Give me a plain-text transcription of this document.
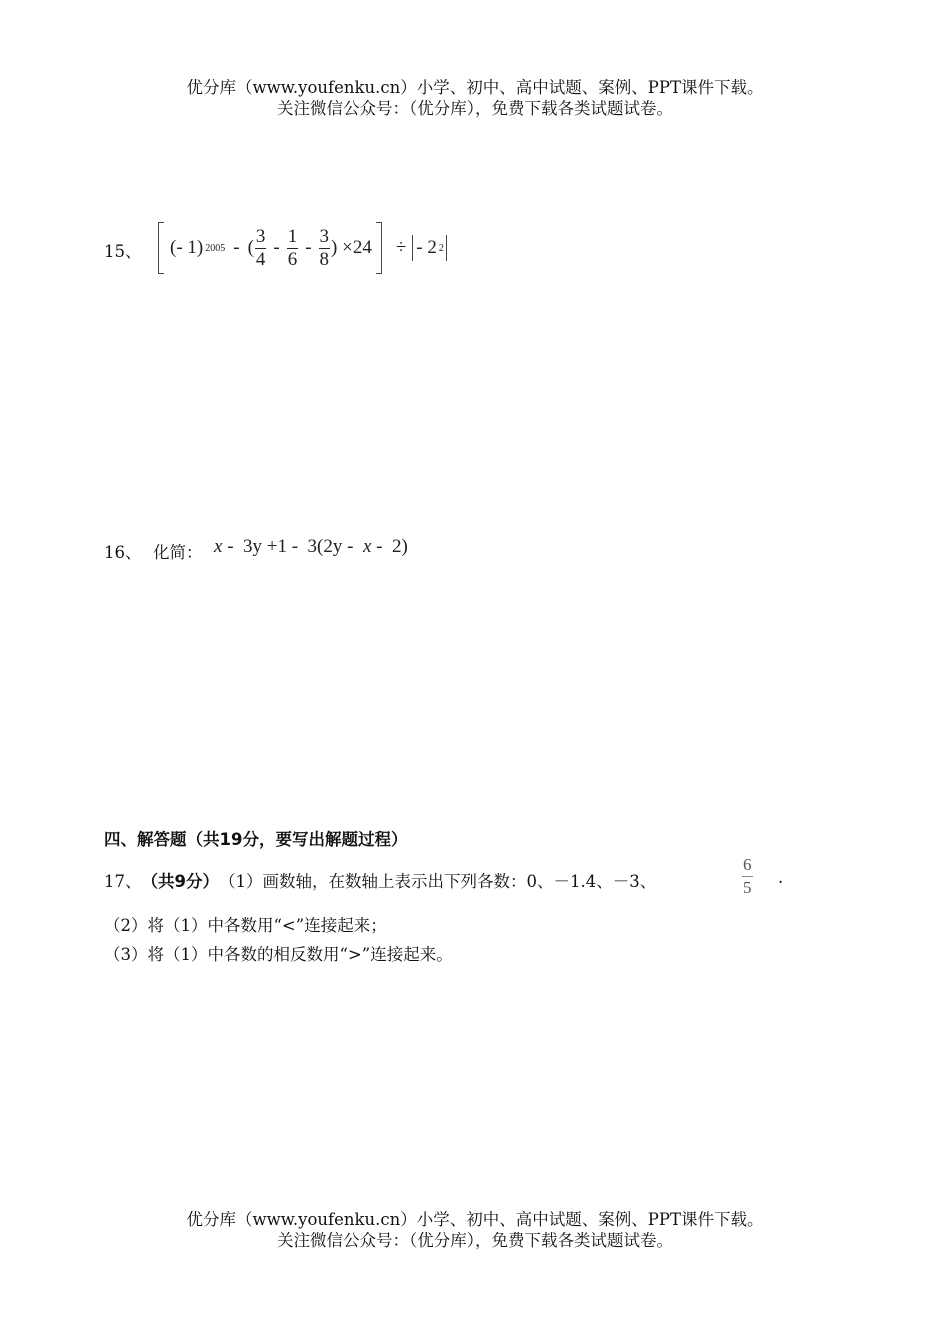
优分库（www.youfenku.cn）小学、初中、高中试题、案例、PPT课件下载。
关注微信公众号：（优分库），免费下载各类试题试卷。
15、 (- 1) 2005 - ( $\frac{3}{4} - \frac{1}{6} - \frac{3}{8}$ ) ×24 ÷ - 2 2
16、 化简： x -  3y +1 -  3(2y -  x -  2)
四、解答题（共19分，要写出解题过程）
17、 （共9分） （1）画数轴，在数轴上表示出下列各数：0、－1.4、－3、	$\frac{6}{5}$ .
（2）将（1）中各数用“<”连接起来；
（3）将（1）中各数的相反数用“>”连接起来。
优分库（www.youfenku.cn）小学、初中、高中试题、案例、PPT课件下载。
关注微信公众号：（优分库），免费下载各类试题试卷。
